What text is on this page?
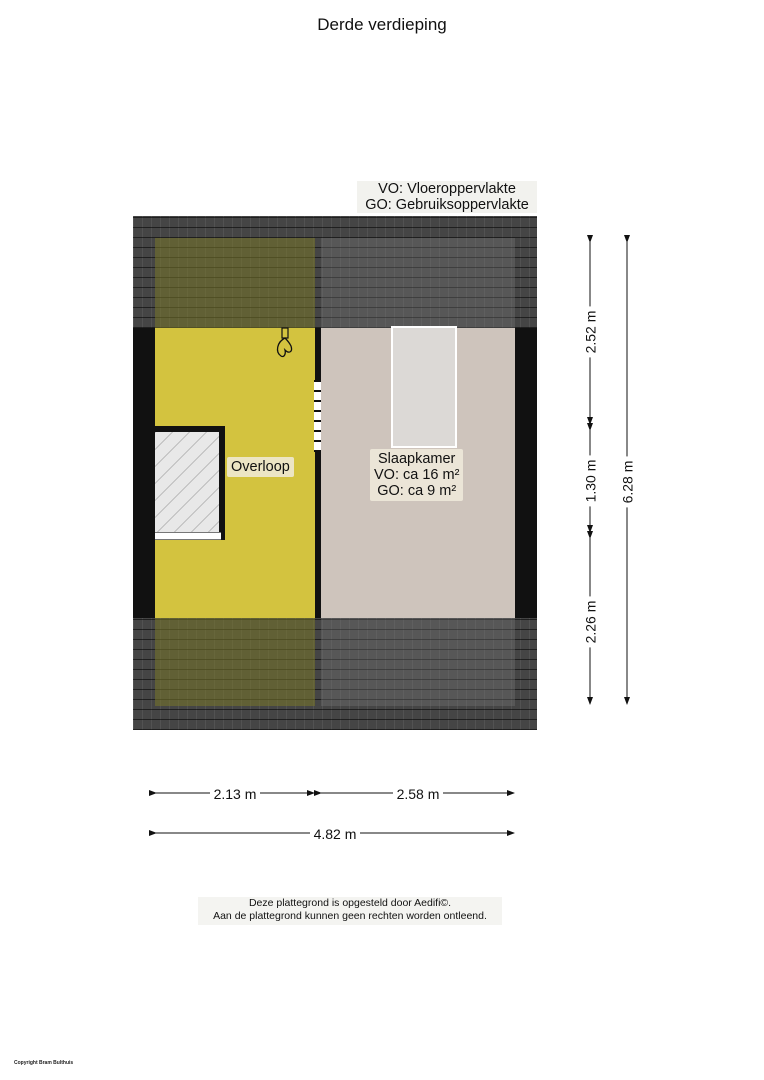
Derde verdieping
VO: Vloeroppervlakte
GO: Gebruiksoppervlakte
Overloop	Slaapkamer
VO: ca 16 m²
GO: ca 9 m²
2.52 m
1.30 m
2.26 m
6.28 m
2.13 m	2.58 m
4.82 m
Deze plattegrond is opgesteld door Aedifi©.
Aan de plattegrond kunnen geen rechten worden ontleend.
Copyright Bram Bulthuis
